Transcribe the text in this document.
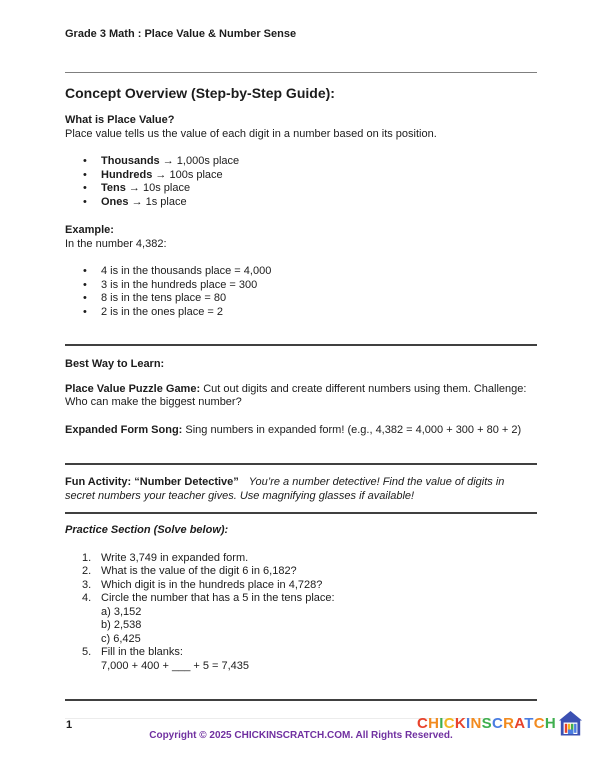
Grade 3 Math : Place Value & Number Sense
Concept Overview (Step-by-Step Guide):

What is Place Value?

Place value tells us the value of each digit in a number based on its position.

•	Thousands → 1,000s place
•	Hundreds → 100s place
•	Tens → 10s place
•	Ones → 1s place

Example:

In the number 4,382:

•	4 is in the thousands place = 4,000
•	3 is in the hundreds place = 300
•	8 is in the tens place = 80
•	2 is in the ones place = 2

Best Way to Learn:

Place Value Puzzle Game: Cut out digits and create different numbers using them. Challenge: Who can make the biggest number?

Expanded Form Song: Sing numbers in expanded form! (e.g., 4,382 = 4,000 + 300 + 80 + 2)

Fun Activity: “Number Detective” You’re a number detective! Find the value of digits in secret numbers your teacher gives. Use magnifying glasses if available!

Practice Section (Solve below):

1. Write 3,749 in expanded form.
2. What is the value of the digit 6 in 6,182?
3. Which digit is in the hundreds place in 4,728?
4. Circle the number that has a 5 in the tens place:
a) 3,152
b) 2,538
c) 6,425
5. Fill in the blanks:
7,000 + 400 + ___ + 5 = 7,435
1
Copyright © 2025 CHICKINSCRATCH.COM. All Rights Reserved.
CHICKINSCRATCH
